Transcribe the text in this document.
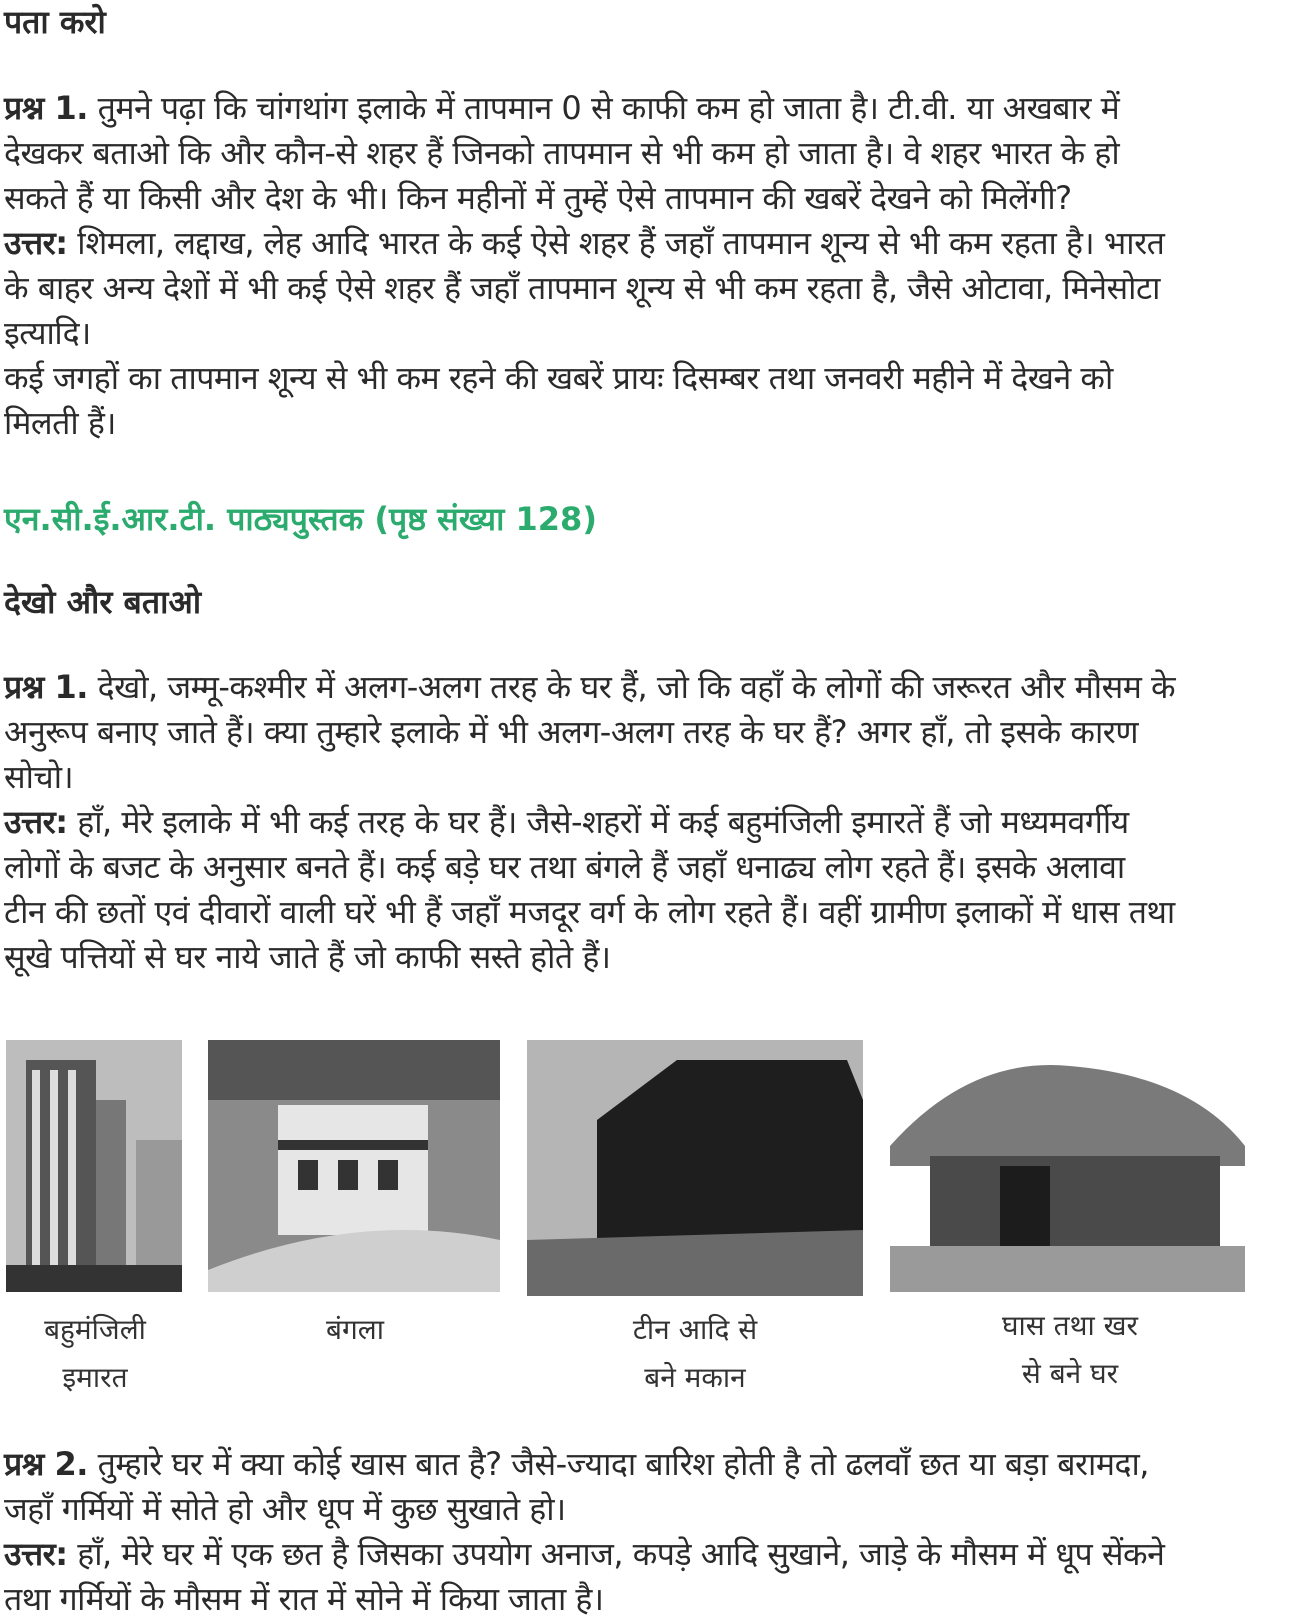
पता करो
प्रश्न 1. तुमने पढ़ा कि चांगथांग इलाके में तापमान 0 से काफी कम हो जाता है। टी.वी. या अखबार में
देखकर बताओ कि और कौन-से शहर हैं जिनको तापमान से भी कम हो जाता है। वे शहर भारत के हो
सकते हैं या किसी और देश के भी। किन महीनों में तुम्हें ऐसे तापमान की खबरें देखने को मिलेंगी?
उत्तर: शिमला, लद्दाख, लेह आदि भारत के कई ऐसे शहर हैं जहाँ तापमान शून्य से भी कम रहता है। भारत
के बाहर अन्य देशों में भी कई ऐसे शहर हैं जहाँ तापमान शून्य से भी कम रहता है, जैसे ओटावा, मिनेसोटा
इत्यादि।
कई जगहों का तापमान शून्य से भी कम रहने की खबरें प्रायः दिसम्बर तथा जनवरी महीने में देखने को
मिलती हैं।
एन.सी.ई.आर.टी. पाठ्यपुस्तक (पृष्ठ संख्या 128)
देखो और बताओ
प्रश्न 1. देखो, जम्मू-कश्मीर में अलग-अलग तरह के घर हैं, जो कि वहाँ के लोगों की जरूरत और मौसम के
अनुरूप बनाए जाते हैं। क्या तुम्हारे इलाके में भी अलग-अलग तरह के घर हैं? अगर हाँ, तो इसके कारण
सोचो।
उत्तर: हाँ, मेरे इलाके में भी कई तरह के घर हैं। जैसे-शहरों में कई बहुमंजिली इमारतें हैं जो मध्यमवर्गीय
लोगों के बजट के अनुसार बनते हैं। कई बड़े घर तथा बंगले हैं जहाँ धनाढ्य लोग रहते हैं। इसके अलावा
टीन की छतों एवं दीवारों वाली घरें भी हैं जहाँ मजदूर वर्ग के लोग रहते हैं। वहीं ग्रामीण इलाकों में धास तथा
सूखे पत्तियों से घर नाये जाते हैं जो काफी सस्ते होते हैं।
बहुमंजिली
इमारत
बंगला	टीन आदि से
बने मकान
घास तथा खर
से बने घर
प्रश्न 2. तुम्हारे घर में क्या कोई खास बात है? जैसे-ज्यादा बारिश होती है तो ढलवाँ छत या बड़ा बरामदा,
जहाँ गर्मियों में सोते हो और धूप में कुछ सुखाते हो।
उत्तर: हाँ, मेरे घर में एक छत है जिसका उपयोग अनाज, कपड़े आदि सुखाने, जाड़े के मौसम में धूप सेंकने
तथा गर्मियों के मौसम में रात में सोने में किया जाता है।
